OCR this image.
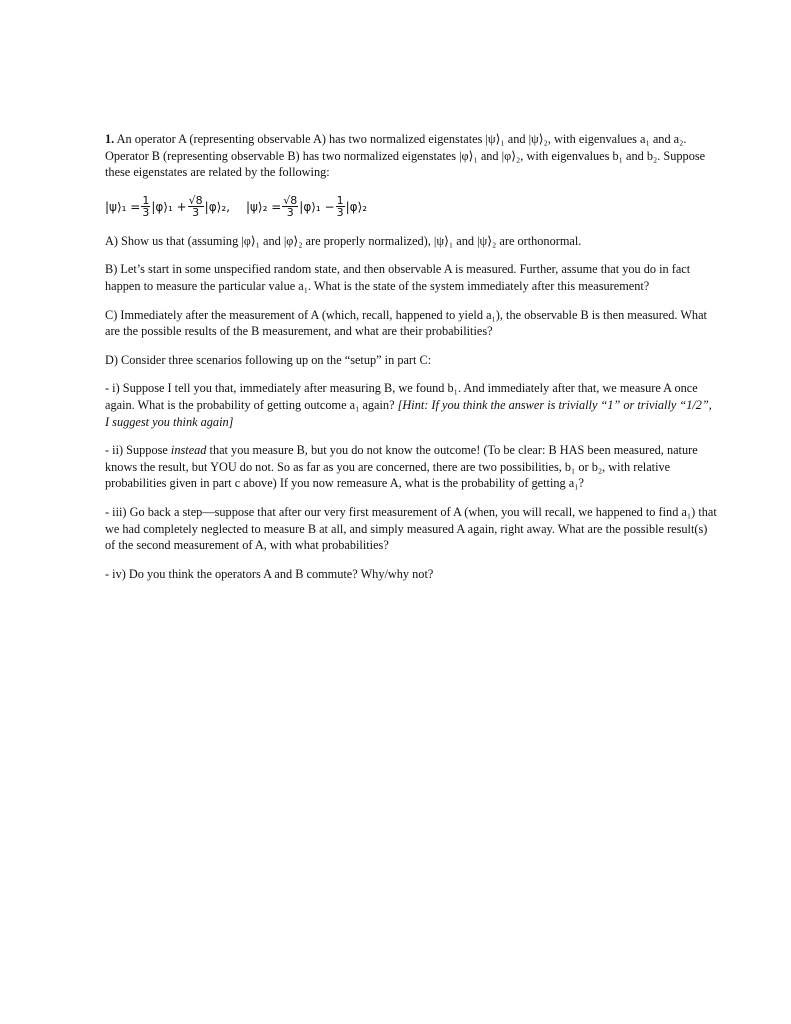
1. An operator A (representing observable A) has two normalized eigenstates |ψ⟩₁ and |ψ⟩₂, with eigenvalues a₁ and a₂. Operator B (representing observable B) has two normalized eigenstates |φ⟩₁ and |φ⟩₂, with eigenvalues b₁ and b₂. Suppose these eigenstates are related by the following:

|ψ⟩₁ = $\frac{1}{3}$ |φ⟩₁ + $\frac{√8}{3}$ |φ⟩₂, |ψ⟩₂ = $\frac{√8}{3}$ |φ⟩₁ − $\frac{1}{3}$ |φ⟩₂

A) Show us that (assuming |φ⟩₁ and |φ⟩₂ are properly normalized), |ψ⟩₁ and |ψ⟩₂ are orthonormal.

B) Let’s start in some unspecified random state, and then observable A is measured. Further, assume that you do in fact happen to measure the particular value a₁. What is the state of the system immediately after this measurement?

C) Immediately after the measurement of A (which, recall, happened to yield a₁), the observable B is then measured. What are the possible results of the B measurement, and what are their probabilities?

D) Consider three scenarios following up on the “setup” in part C:

- i) Suppose I tell you that, immediately after measuring B, we found b₁. And immediately after that, we measure A once again. What is the probability of getting outcome a₁ again? [Hint: If you think the answer is trivially “1” or trivially “1/2”, I suggest you think again]

- ii) Suppose instead that you measure B, but you do not know the outcome! (To be clear: B HAS been measured, nature knows the result, but YOU do not. So as far as you are concerned, there are two possibilities, b₁ or b₂, with relative probabilities given in part c above) If you now remeasure A, what is the probability of getting a₁?

- iii) Go back a step—suppose that after our very first measurement of A (when, you will recall, we happened to find a₁) that we had completely neglected to measure B at all, and simply measured A again, right away. What are the possible result(s) of the second measurement of A, with what probabilities?

- iv) Do you think the operators A and B commute? Why/why not?
